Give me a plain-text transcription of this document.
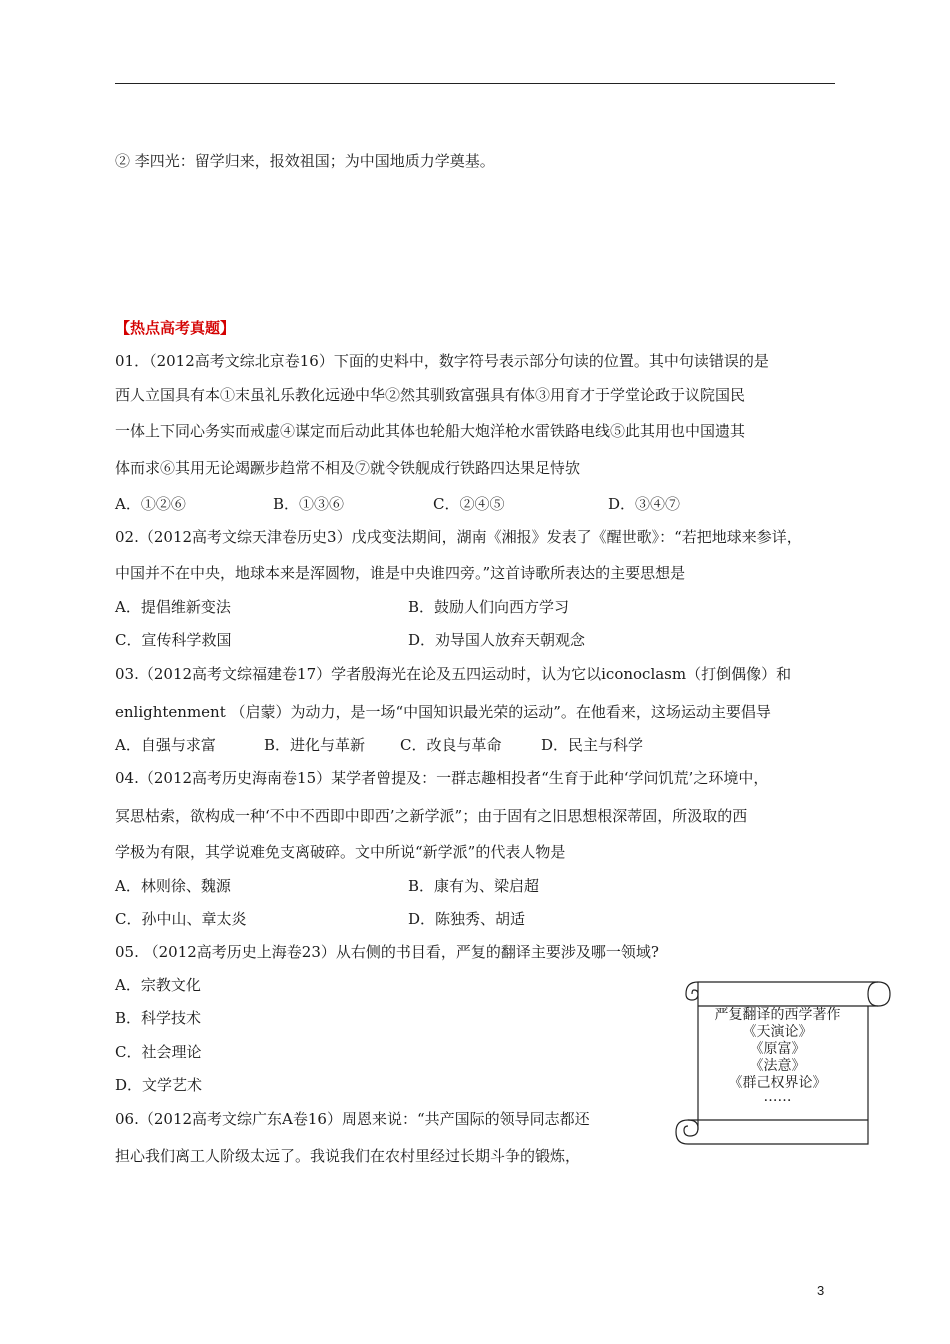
② 李四光：留学归来，报效祖国；为中国地质力学奠基。
【热点高考真题】
01．（2012高考文综北京卷16）下面的史料中，数字符号表示部分句读的位置。其中句读错误的是
西人立国具有本①末虽礼乐教化远逊中华②然其驯致富强具有体③用育才于学堂论政于议院国民
一体上下同心务实而戒虚④谋定而后动此其体也轮船大炮洋枪水雷铁路电线⑤此其用也中国遗其
体而求⑥其用无论竭蹶步趋常不相及⑦就令铁舰成行铁路四达果足恃欤
A．①②⑥	B．①③⑥	C．②④⑤	D．③④⑦
02.（2012高考文综天津卷历史3）戊戌变法期间，湖南《湘报》发表了《醒世歌》：“若把地球来参详，
中国并不在中央，地球本来是浑圆物，谁是中央谁四旁。”这首诗歌所表达的主要思想是
A．提倡维新变法	B．鼓励人们向西方学习
C．宣传科学救国	D．劝导国人放弃天朝观念
03.（2012高考文综福建卷17）学者殷海光在论及五四运动时，认为它以iconoclasm（打倒偶像）和
enlightenment （启蒙）为动力，是一场“中国知识最光荣的运动”。在他看来，这场运动主要倡导
A．自强与求富	B．进化与革新 C．改良与革命	D．民主与科学
04.（2012高考历史海南卷15）某学者曾提及：一群志趣相投者“生育于此种‘学问饥荒’之环境中，
冥思枯索，欲构成一种‘不中不西即中即西’之新学派”；由于固有之旧思想根深蒂固，所汲取的西
学极为有限，其学说难免支离破碎。文中所说“新学派”的代表人物是
A．林则徐、魏源	B．康有为、梁启超
C．孙中山、章太炎	D．陈独秀、胡适
05. （2012高考历史上海卷23）从右侧的书目看，严复的翻译主要涉及哪一领域?
A．宗教文化
B．科学技术
C．社会理论
D．文学艺术
06.（2012高考文综广东A卷16）周恩来说：“共产国际的领导同志都还
担心我们离工人阶级太远了。我说我们在农村里经过长期斗争的锻炼，
严复翻译的西学著作
《天演论》
《原富》
《法意》
《群己权界论》
……
3
